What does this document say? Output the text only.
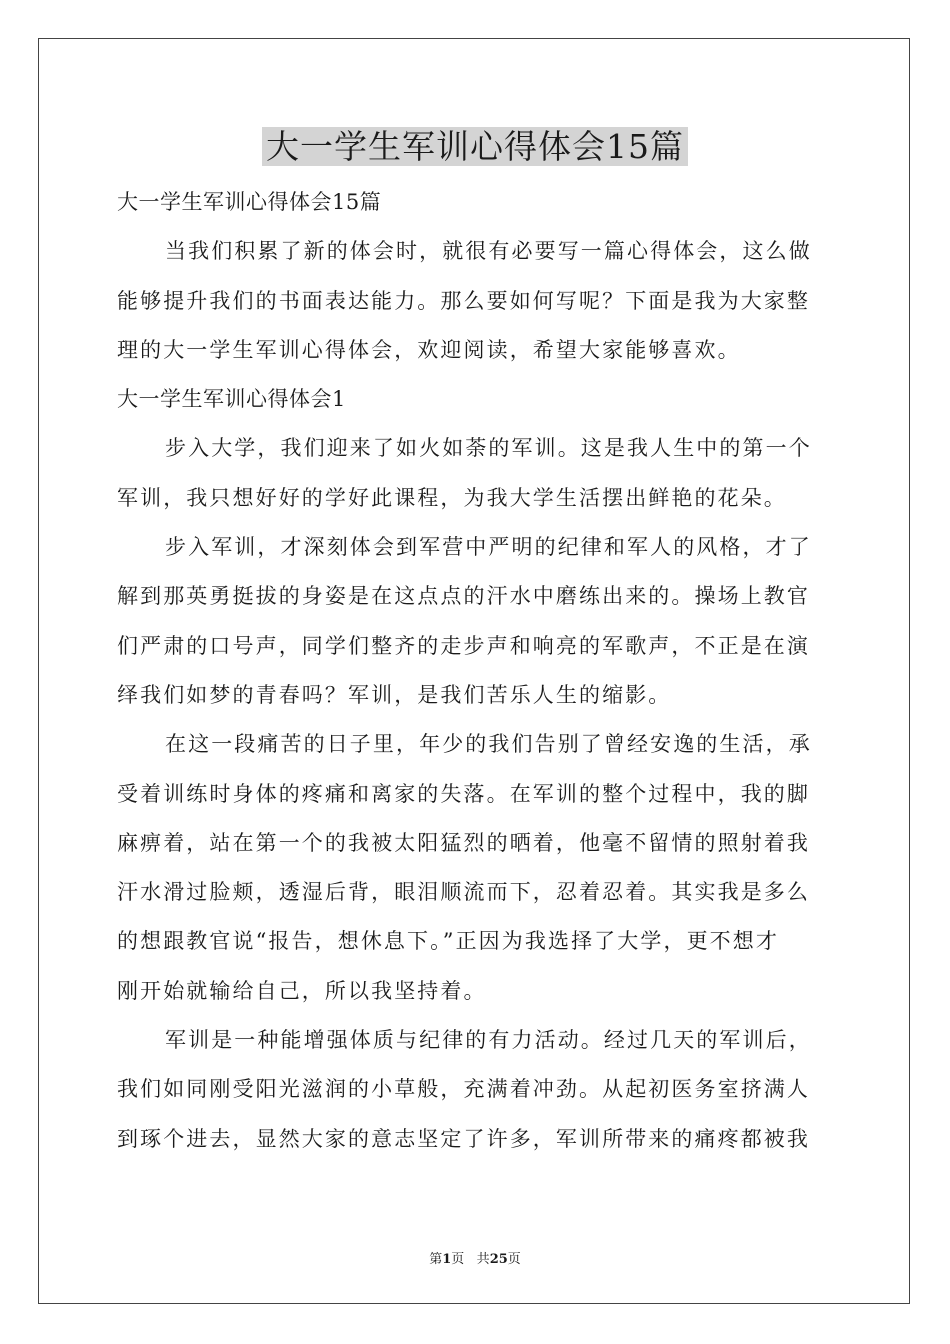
大一学生军训心得体会15篇
大一学生军训心得体会15篇
当我们积累了新的体会时，就很有必要写一篇心得体会，这么做
能够提升我们的书面表达能力。那么要如何写呢？下面是我为大家整
理的大一学生军训心得体会，欢迎阅读，希望大家能够喜欢。
大一学生军训心得体会1
步入大学，我们迎来了如火如荼的军训。这是我人生中的第一个
军训，我只想好好的学好此课程，为我大学生活摆出鲜艳的花朵。
步入军训，才深刻体会到军营中严明的纪律和军人的风格，才了
解到那英勇挺拔的身姿是在这点点的汗水中磨练出来的。操场上教官
们严肃的口号声，同学们整齐的走步声和响亮的军歌声，不正是在演
绎我们如梦的青春吗？军训，是我们苦乐人生的缩影。
在这一段痛苦的日子里，年少的我们告别了曾经安逸的生活，承
受着训练时身体的疼痛和离家的失落。在军训的整个过程中，我的脚
麻痹着，站在第一个的我被太阳猛烈的晒着，他毫不留情的照射着我
汗水滑过脸颊，透湿后背，眼泪顺流而下，忍着忍着。其实我是多么
的想跟教官说“报告，想休息下。”正因为我选择了大学，更不想才
刚开始就输给自己，所以我坚持着。
军训是一种能增强体质与纪律的有力活动。经过几天的军训后，
我们如同刚受阳光滋润的小草般，充满着冲劲。从起初医务室挤满人
到琢个进去，显然大家的意志坚定了许多，军训所带来的痛疼都被我
第1页 共25页
